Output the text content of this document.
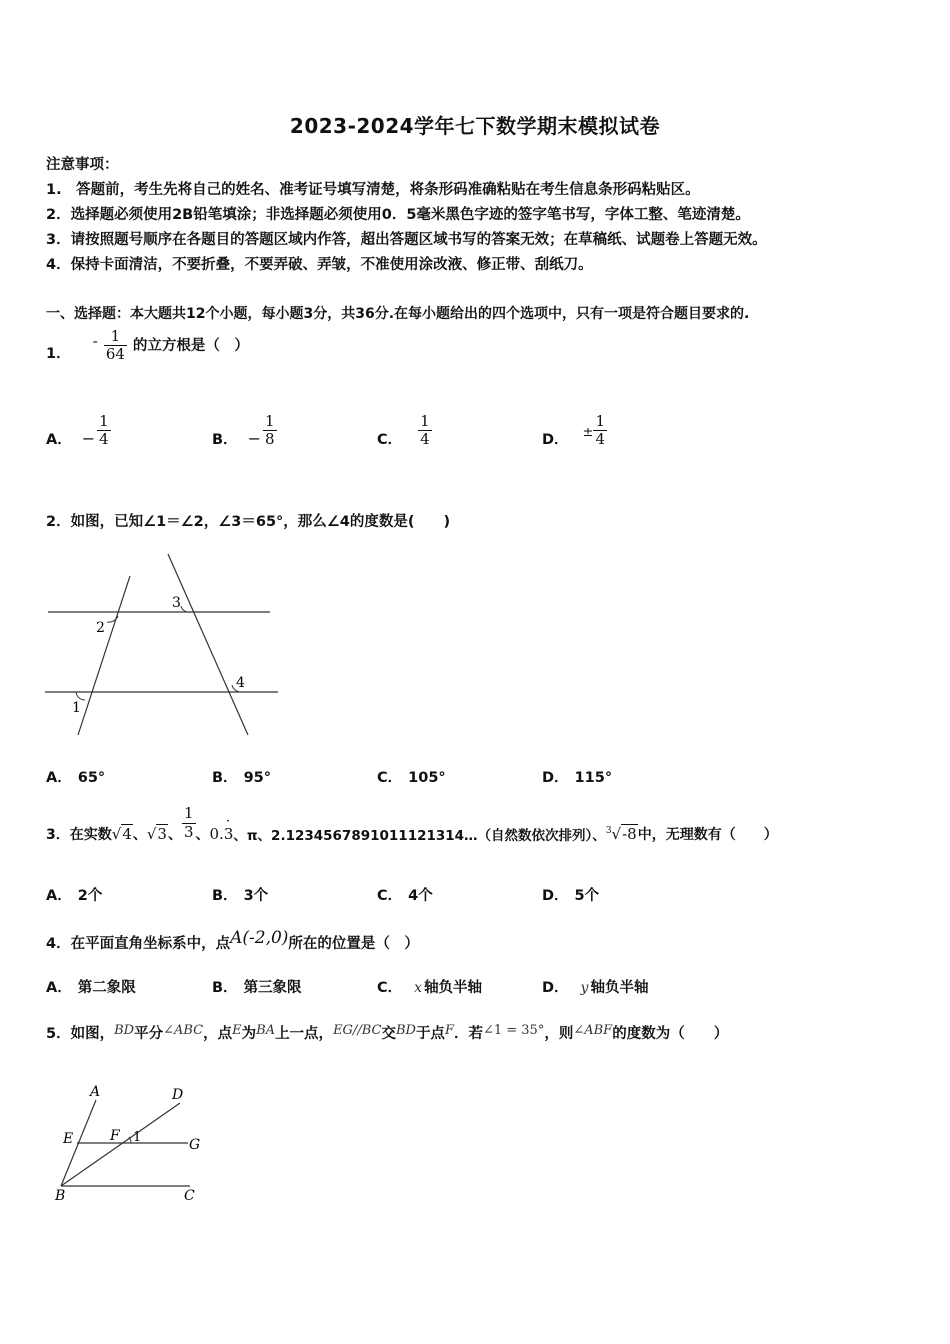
2023-2024学年七下数学期末模拟试卷
注意事项：
1.　答题前，考生先将自己的姓名、准考证号填写清楚，将条形码准确粘贴在考生信息条形码粘贴区。
2．选择题必须使用2B铅笔填涂；非选择题必须使用0．5毫米黑色字迹的签字笔书写，字体工整、笔迹清楚。
3．请按照题号顺序在各题目的答题区域内作答，超出答题区域书写的答案无效；在草稿纸、试题卷上答题无效。
4．保持卡面清洁，不要折叠，不要弄破、弄皱，不准使用涂改液、修正带、刮纸刀。
一、选择题：本大题共12个小题，每小题3分，共36分.在每小题给出的四个选项中，只有一项是符合题目要求的.
1．
- $\frac{1}{64}$ 的立方根是（　）
A． − $\frac{1}{4}$	B． − $\frac{1}{8}$	C． $\frac{1}{4}$	D． ± $\frac{1}{4}$
2．如图，已知∠1＝∠2，∠3＝65°，那么∠4的度数是(　　)
2
1
3
4
A． 65°	B． 95°	C． 105°	D． 115°
3．在实数 √4 、 √3 、 $\frac{1}{3}$ 、 0.
· 3 、π、2.1234567891011121314…（自然数依次排列）、 $^3$√-8 中，无理数有（　　）
A． 2个	B． 3个	C． 4个	D． 5个
4．在平面直角坐标系中，点 A(-2,0) 所在的位置是（　）
A． 第二象限	B． 第三象限	C． x 轴负半轴	D． y 轴负半轴
5．如图，BD平分∠ABC，点E为BA上一点，EG//BC交BD于点F．若∠1 = 35°，则∠ABF的度数为（　　）
A	D
E	F 1	G
B	C
